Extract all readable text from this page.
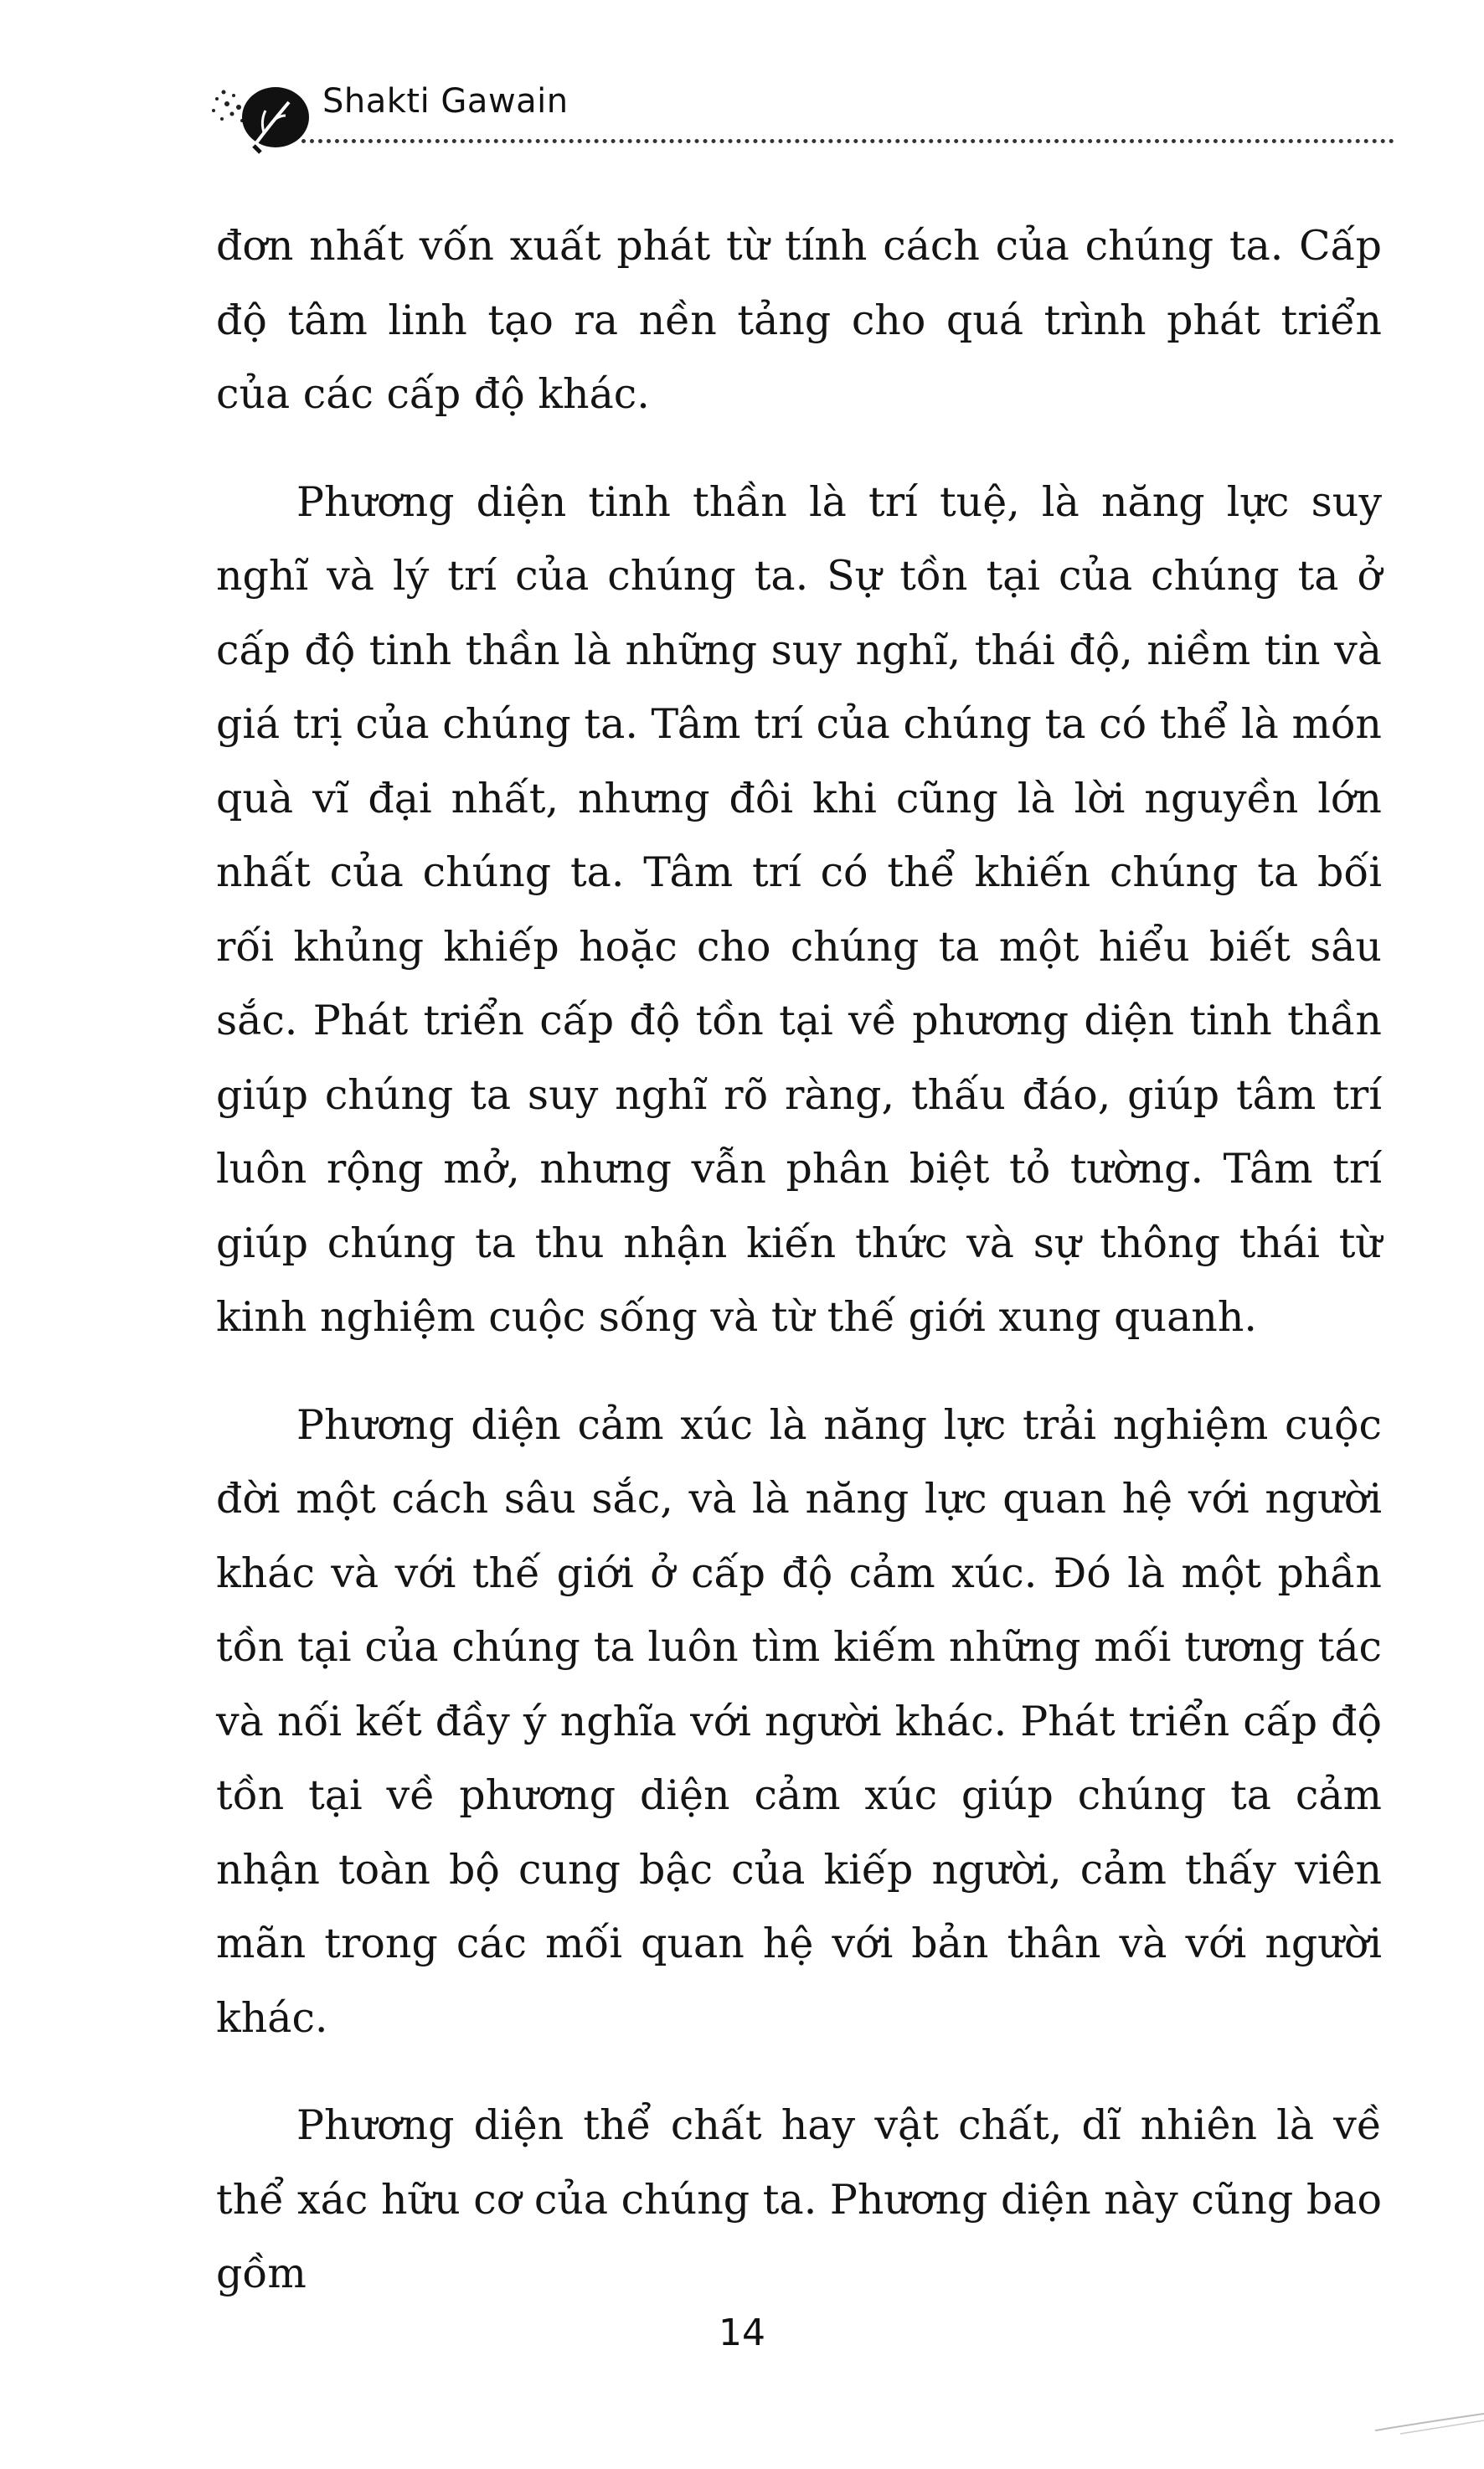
Shakti Gawain

đơn nhất vốn xuất phát từ tính cách của chúng ta. Cấp độ tâm linh tạo ra nền tảng cho quá trình phát triển của các cấp độ khác.

Phương diện tinh thần là trí tuệ, là năng lực suy nghĩ và lý trí của chúng ta. Sự tồn tại của chúng ta ở cấp độ tinh thần là những suy nghĩ, thái độ, niềm tin và giá trị của chúng ta. Tâm trí của chúng ta có thể là món quà vĩ đại nhất, nhưng đôi khi cũng là lời nguyền lớn nhất của chúng ta. Tâm trí có thể khiến chúng ta bối rối khủng khiếp hoặc cho chúng ta một hiểu biết sâu sắc. Phát triển cấp độ tồn tại về phương diện tinh thần giúp chúng ta suy nghĩ rõ ràng, thấu đáo, giúp tâm trí luôn rộng mở, nhưng vẫn phân biệt tỏ tường. Tâm trí giúp chúng ta thu nhận kiến thức và sự thông thái từ kinh nghiệm cuộc sống và từ thế giới xung quanh.

Phương diện cảm xúc là năng lực trải nghiệm cuộc đời một cách sâu sắc, và là năng lực quan hệ với người khác và với thế giới ở cấp độ cảm xúc. Đó là một phần tồn tại của chúng ta luôn tìm kiếm những mối tương tác và nối kết đầy ý nghĩa với người khác. Phát triển cấp độ tồn tại về phương diện cảm xúc giúp chúng ta cảm nhận toàn bộ cung bậc của kiếp người, cảm thấy viên mãn trong các mối quan hệ với bản thân và với người khác.

Phương diện thể chất hay vật chất, dĩ nhiên là về thể xác hữu cơ của chúng ta. Phương diện này cũng bao gồm

14
